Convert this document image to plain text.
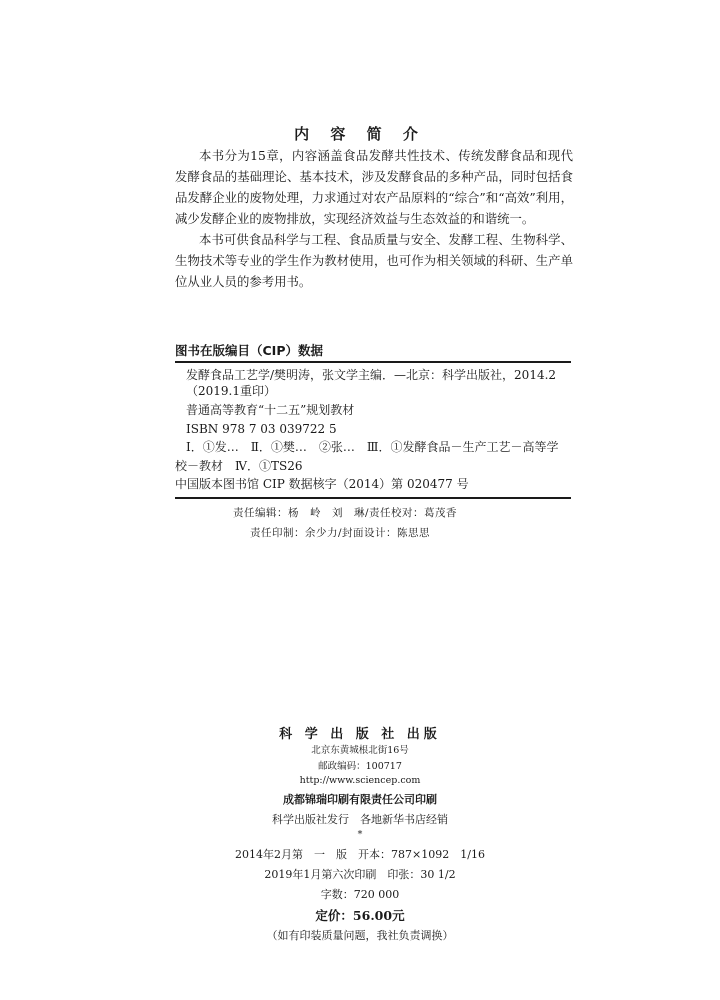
内 容 简 介

本书分为15章，内容涵盖食品发酵共性技术、传统发酵食品和现代发酵食品的基础理论、基本技术，涉及发酵食品的多种产品，同时包括食品发酵企业的废物处理，力求通过对农产品原料的“综合”和“高效”利用，减少发酵企业的废物排放，实现经济效益与生态效益的和谐统一。

本书可供食品科学与工程、食品质量与安全、发酵工程、生物科学、生物技术等专业的学生作为教材使用，也可作为相关领域的科研、生产单位从业人员的参考用书。

图书在版编目（CIP）数据
发酵食品工艺学/樊明涛，张文学主编．—北京：科学出版社，2014.2
（2019.1重印）
普通高等教育“十二五”规划教材
ISBN 978 7 03 039722 5
Ⅰ．①发…　Ⅱ．①樊…　②张…　Ⅲ．①发酵食品－生产工艺－高等学
校－教材　Ⅳ．①TS26
中国版本图书馆 CIP 数据核字（2014）第 020477 号
责任编辑：杨　岭　刘　琳/责任校对：葛茂香
责任印制：余少力/封面设计：陈思思
科 学 出 版 社 出版
北京东黄城根北街16号
邮政编码：100717
http://www.sciencep.com
成都锦瑞印刷有限责任公司印刷
科学出版社发行　各地新华书店经销
*
2014年2月第　一　版　开本：787×1092　1/16
2019年1月第六次印刷　印张：30 1/2
字数：720 000
定价：56.00元
（如有印装质量问题，我社负责调换）
